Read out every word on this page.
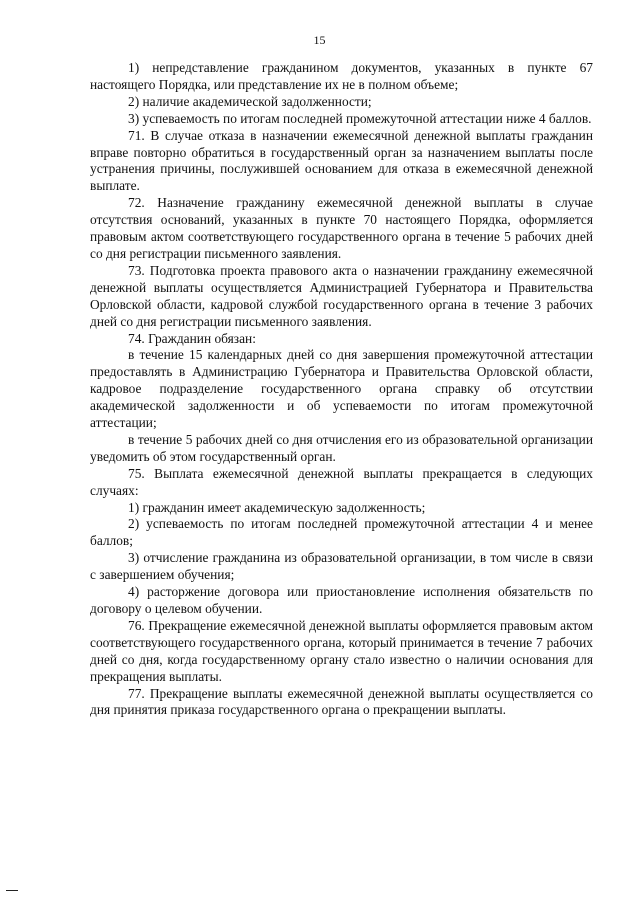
15

1) непредставление гражданином документов, указанных в пункте 67 настоящего Порядка, или представление их не в полном объеме;

2) наличие академической задолженности;

3) успеваемость по итогам последней промежуточной аттестации ниже 4 баллов.

71. В случае отказа в назначении ежемесячной денежной выплаты гражданин вправе повторно обратиться в государственный орган за назначением выплаты после устранения причины, послужившей основанием для отказа в ежемесячной денежной выплате.

72. Назначение гражданину ежемесячной денежной выплаты в случае отсутствия оснований, указанных в пункте 70 настоящего Порядка, оформляется правовым актом соответствующего государственного органа в течение 5 рабочих дней со дня регистрации письменного заявления.

73. Подготовка проекта правового акта о назначении гражданину ежемесячной денежной выплаты осуществляется Администрацией Губернатора и Правительства Орловской области, кадровой службой государственного органа в течение 3 рабочих дней со дня регистрации письменного заявления.

74. Гражданин обязан:

в течение 15 календарных дней со дня завершения промежуточной аттестации предоставлять в Администрацию Губернатора и Правительства Орловской области, кадровое подразделение государственного органа справку об отсутствии академической задолженности и об успеваемости по итогам промежуточной аттестации;

в течение 5 рабочих дней со дня отчисления его из образовательной организации уведомить об этом государственный орган.

75. Выплата ежемесячной денежной выплаты прекращается в следующих случаях:

1) гражданин имеет академическую задолженность;

2) успеваемость по итогам последней промежуточной аттестации 4 и менее баллов;

3) отчисление гражданина из образовательной организации, в том числе в связи с завершением обучения;

4) расторжение договора или приостановление исполнения обязательств по договору о целевом обучении.

76. Прекращение ежемесячной денежной выплаты оформляется правовым актом соответствующего государственного органа, который принимается в течение 7 рабочих дней со дня, когда государственному органу стало известно о наличии основания для прекращения выплаты.

77. Прекращение выплаты ежемесячной денежной выплаты осуществляется со дня принятия приказа государственного органа о прекращении выплаты.
